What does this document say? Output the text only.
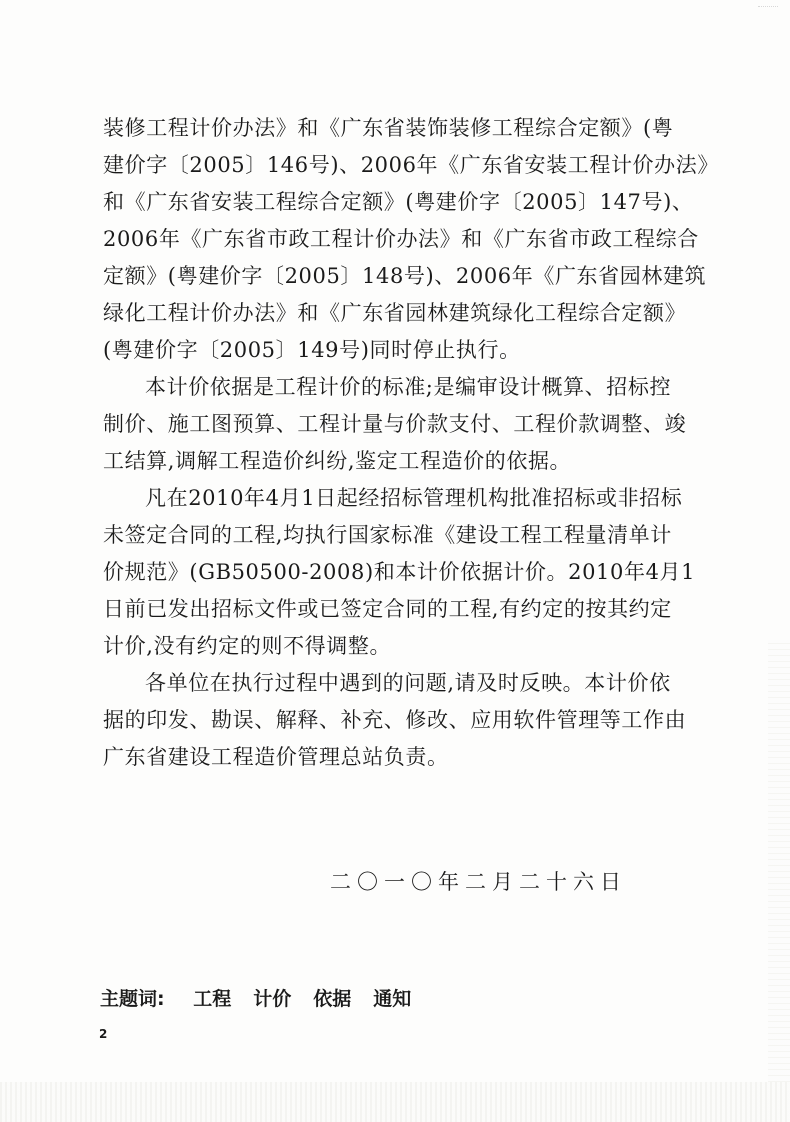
装修工程计价办法》和《广东省装饰装修工程综合定额》(粤
建价字〔2005〕146号)、2006年《广东省安装工程计价办法》
和《广东省安装工程综合定额》(粤建价字〔2005〕147号)、
2006年《广东省市政工程计价办法》和《广东省市政工程综合
定额》(粤建价字〔2005〕148号)、2006年《广东省园林建筑
绿化工程计价办法》和《广东省园林建筑绿化工程综合定额》
(粤建价字〔2005〕149号)同时停止执行。
本计价依据是工程计价的标准;是编审设计概算、招标控
制价、施工图预算、工程计量与价款支付、工程价款调整、竣
工结算,调解工程造价纠纷,鉴定工程造价的依据。
凡在2010年4月1日起经招标管理机构批准招标或非招标
未签定合同的工程,均执行国家标准《建设工程工程量清单计
价规范》(GB50500-2008)和本计价依据计价。2010年4月1
日前已发出招标文件或已签定合同的工程,有约定的按其约定
计价,没有约定的则不得调整。
各单位在执行过程中遇到的问题,请及时反映。本计价依
据的印发、勘误、解释、补充、修改、应用软件管理等工作由
广东省建设工程造价管理总站负责。
二〇一〇年二月二十六日
主题词: 工程 计价 依据 通知
2
